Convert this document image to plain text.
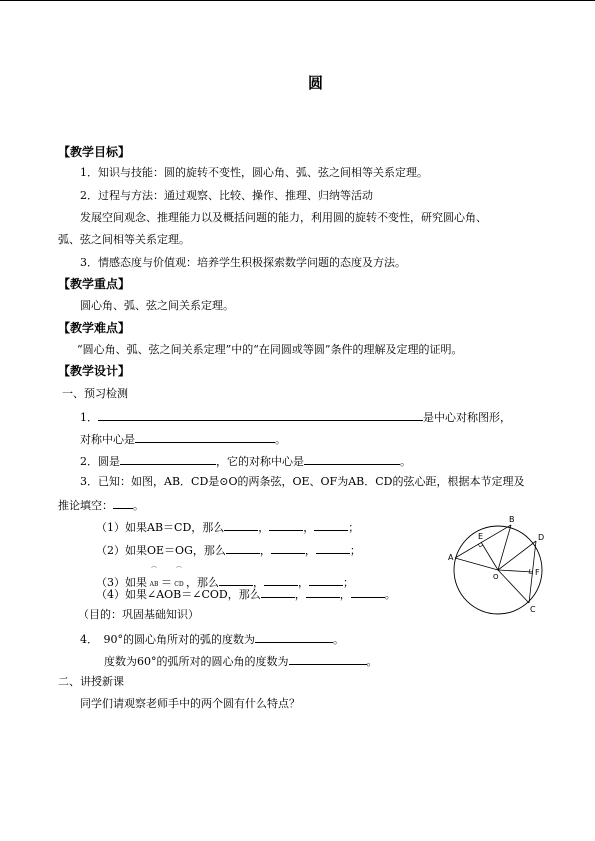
圆
【教学目标】
1．知识与技能：圆的旋转不变性，圆心角、弧、弦之间相等关系定理。
2．过程与方法：通过观察、比较、操作、推理、归纳等活动
发展空间观念、推理能力以及概括问题的能力，利用圆的旋转不变性，研究圆心角、
弧、弦之间相等关系定理。
3．情感态度与价值观：培养学生积极探索数学问题的态度及方法。
【教学重点】
圆心角、弧、弦之间关系定理。
【教学难点】
“圆心角、弧、弦之间关系定理”中的“在同圆或等圆”条件的理解及定理的证明。
【教学设计】
一、预习检测
1．	是中心对称图形，
对称中心是	。
2．圆是	，它的对称中心是	。
3．已知：如图，AB．CD是⊙O的两条弦，OE、OF为AB．CD的弦心距，根据本节定理及
推论填空： 。
（1）如果AB＝CD，那么	，	，	；
（2）如果OE＝OG，那么	，	，	；
（3）如果⌒
AB ＝⌒
CD ，那么	，	，	；
（4）如果∠AOB＝∠COD，那么	，	，	。
（目的：巩固基础知识）
4．　90°的圆心角所对的弧的度数为	。
度数为60°的弧所对的圆心角的度数为	。
二、讲授新课
同学们请观察老师手中的两个圆有什么特点？
A
B
D
C
E
F
O
